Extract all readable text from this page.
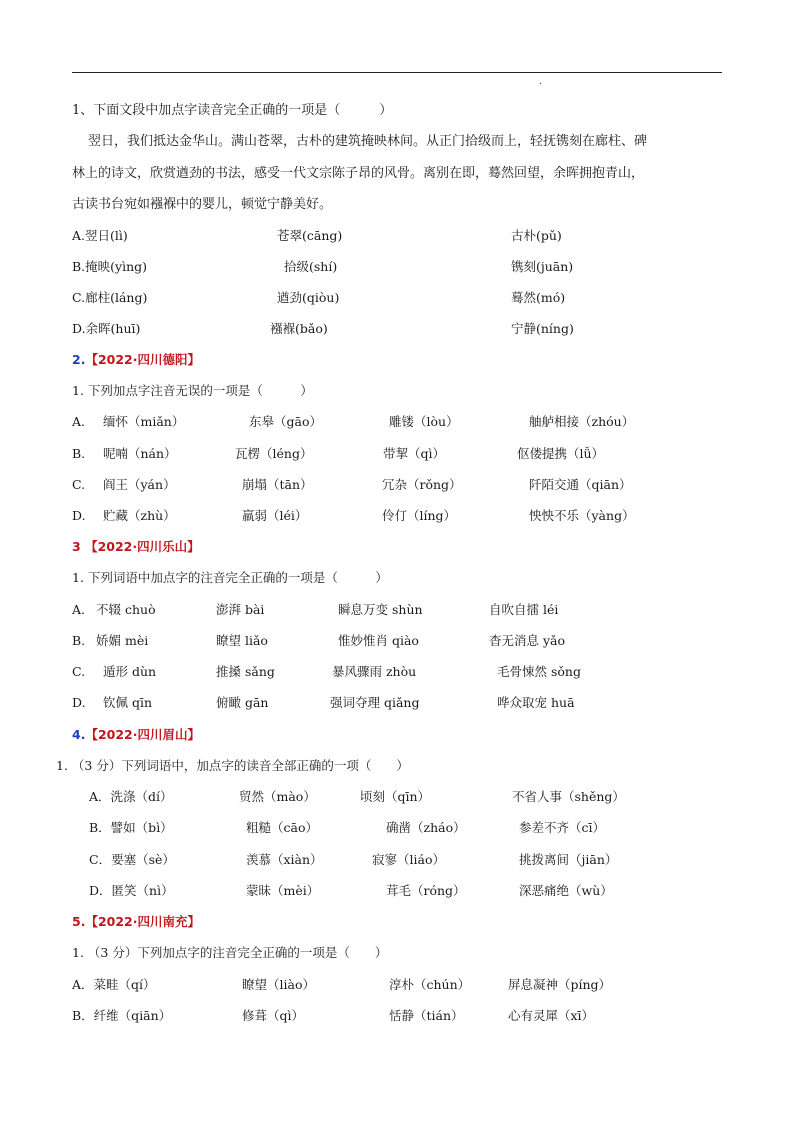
.
1、下面文段中加点字读音完全正确的一项是（　　　）
翌日，我们抵达金华山。满山苍翠，古朴的建筑掩映林间。从正门拾级而上，轻抚镌刻在廊柱、碑
林上的诗文，欣赏遒劲的书法，感受一代文宗陈子昂的风骨。离别在即，蓦然回望，余晖拥抱青山，
古读书台宛如襁褓中的婴儿，顿觉宁静美好。
A.翌日(lì)	苍翠(cāng)	古朴(pǔ)
B.掩映(yìng)	拾级(shí)	镌刻(juān)
C.廊柱(láng)	遒劲(qiòu)	蓦然(mó)
D.余晖(huī)	襁褓(bǎo)	宁静(níng)
2.【2022·四川德阳】
1. 下列加点字注音无误的一项是（　　　）
A. 缅怀（miǎn）	东皋（gāo）	雕镂（lòu）	舳舻相接（zhóu）
B. 呢喃（nán）	瓦楞（léng）	带挈（qì）	伛偻提携（lǚ）
C. 阎王（yán）	崩塌（tān）	冗杂（rǒng）	阡陌交通（qiān）
D. 贮藏（zhù）	羸弱（léi）	伶仃（líng）	怏怏不乐（yàng）
3 【2022·四川乐山】
1. 下列词语中加点字的注音完全正确的一项是（　　　）
A. 不辍 chuò	澎湃 bài	瞬息万变 shùn	自吹自擂 léi
B. 娇媚 mèi	瞭望 liǎo	惟妙惟肖 qiào	杳无消息 yǎo
C. 遁形 dùn	推搡 sǎng	暴风骤雨 zhòu	毛骨悚然 sǒng
D. 钦佩 qīn	俯瞰 gān	强词夺理 qiǎng	哗众取宠 huā
4.【2022·四川眉山】
1. （3 分）下列词语中，加点字的读音全部正确的一项（　　）
A．洗涤（dí）	贸然（mào）	顷刻（qīn）	不省人事（shěng）
B．譬如（bì）	粗糙（cāo）	确凿（zháo）	参差不齐（cī）
C．要塞（sè）	羡慕（xiàn）	寂寥（liáo）	挑拨离间（jiān）
D．匿笑（nì）	蒙昧（mèi）	茸毛（róng）	深恶痛绝（wù）
5.【2022·四川南充】
1. （3 分）下列加点字的注音完全正确的一项是（　　）
A．菜畦（qí）	瞭望（liào）	淳朴（chún）	屏息凝神（píng）
B．纤维（qiān）	修葺（qì）	恬静（tián）	心有灵犀（xī）
